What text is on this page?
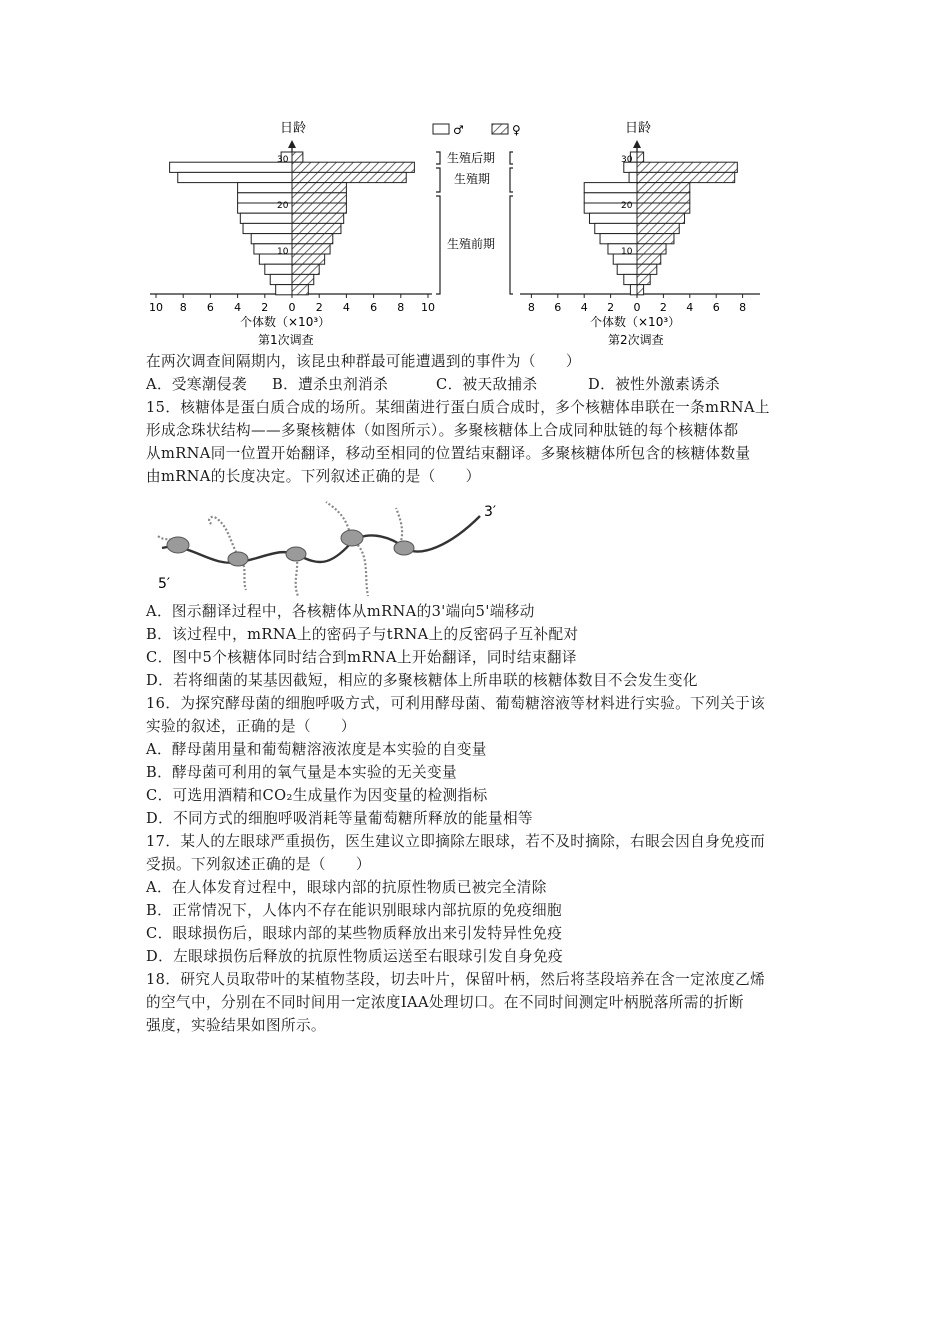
日龄
30
20
10
10 8 6 4 2 0 2 4 6 8 10
个体数（×10³）
第1次调查
♂	♀
生殖后期
生殖期
生殖前期
日龄
30
20
10
8 6 4 2 0 2 4 6 8
个体数（×10³）
第2次调查
在两次调查间隔期内，该昆虫种群最可能遭遇到的事件为（　　）
A．受寒潮侵袭	B．遭杀虫剂消杀	C．被天敌捕杀	D．被性外激素诱杀
15．核糖体是蛋白质合成的场所。某细菌进行蛋白质合成时，多个核糖体串联在一条mRNA上
形成念珠状结构——多聚核糖体（如图所示）。多聚核糖体上合成同种肽链的每个核糖体都
从mRNA同一位置开始翻译，移动至相同的位置结束翻译。多聚核糖体所包含的核糖体数量
由mRNA的长度决定。下列叙述正确的是（　　）
5′
3′
A．图示翻译过程中，各核糖体从mRNA的3'端向5'端移动
B．该过程中，mRNA上的密码子与tRNA上的反密码子互补配对
C．图中5个核糖体同时结合到mRNA上开始翻译，同时结束翻译
D．若将细菌的某基因截短，相应的多聚核糖体上所串联的核糖体数目不会发生变化
16．为探究酵母菌的细胞呼吸方式，可利用酵母菌、葡萄糖溶液等材料进行实验。下列关于该
实验的叙述，正确的是（　　）
A．酵母菌用量和葡萄糖溶液浓度是本实验的自变量
B．酵母菌可利用的氧气量是本实验的无关变量
C．可选用酒精和CO₂生成量作为因变量的检测指标
D．不同方式的细胞呼吸消耗等量葡萄糖所释放的能量相等
17．某人的左眼球严重损伤，医生建议立即摘除左眼球，若不及时摘除，右眼会因自身免疫而
受损。下列叙述正确的是（　　）
A．在人体发育过程中，眼球内部的抗原性物质已被完全清除
B．正常情况下，人体内不存在能识别眼球内部抗原的免疫细胞
C．眼球损伤后，眼球内部的某些物质释放出来引发特异性免疫
D．左眼球损伤后释放的抗原性物质运送至右眼球引发自身免疫
18．研究人员取带叶的某植物茎段，切去叶片，保留叶柄，然后将茎段培养在含一定浓度乙烯
的空气中，分别在不同时间用一定浓度IAA处理切口。在不同时间测定叶柄脱落所需的折断
强度，实验结果如图所示。
